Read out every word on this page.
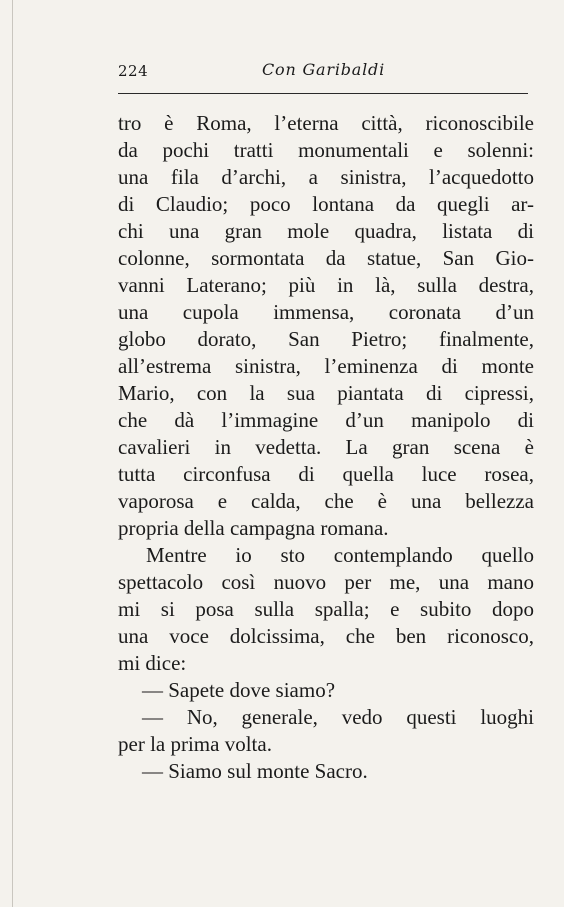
224	Con Garibaldi
tro è Roma, l’eterna città, riconoscibile
da pochi tratti monumentali e solenni:
una fila d’archi, a sinistra, l’acquedotto
di Claudio; poco lontana da quegli ar-
chi una gran mole quadra, listata di
colonne, sormontata da statue, San Gio-
vanni Laterano; più in là, sulla destra,
una cupola immensa, coronata d’un
globo dorato, San Pietro; finalmente,
all’estrema sinistra, l’eminenza di monte
Mario, con la sua piantata di cipressi,
che dà l’immagine d’un manipolo di
cavalieri in vedetta. La gran scena è
tutta circonfusa di quella luce rosea,
vaporosa e calda, che è una bellezza
propria della campagna romana.
Mentre io sto contemplando quello
spettacolo così nuovo per me, una mano
mi si posa sulla spalla; e subito dopo
una voce dolcissima, che ben riconosco,
mi dice:
— Sapete dove siamo?
— No, generale, vedo questi luoghi
per la prima volta.
— Siamo sul monte Sacro.
